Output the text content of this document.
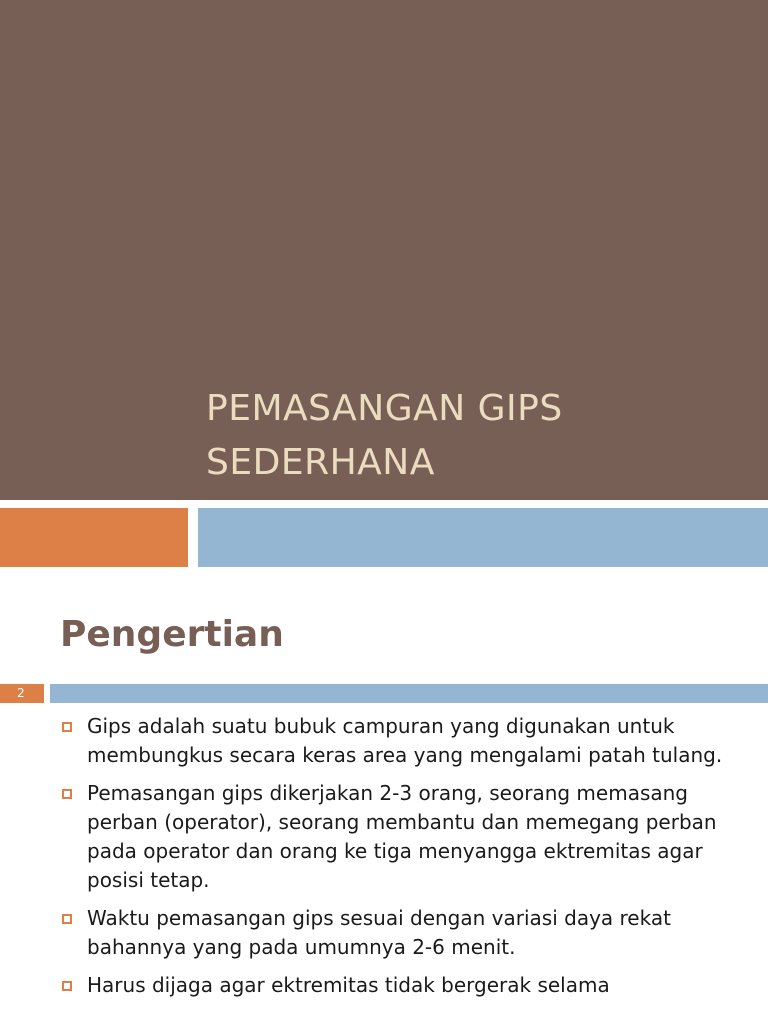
PEMASANGAN GIPS
SEDERHANA
Pengertian
2
Gips adalah suatu bubuk campuran yang digunakan untuk membungkus secara keras area yang mengalami patah tulang.
Pemasangan gips dikerjakan 2-3 orang, seorang memasang perban (operator), seorang membantu dan memegang perban pada operator dan orang ke tiga menyangga ektremitas agar posisi tetap.
Waktu pemasangan gips sesuai dengan variasi daya rekat bahannya yang pada umumnya 2-6 menit.
Harus dijaga agar ektremitas tidak bergerak selama
